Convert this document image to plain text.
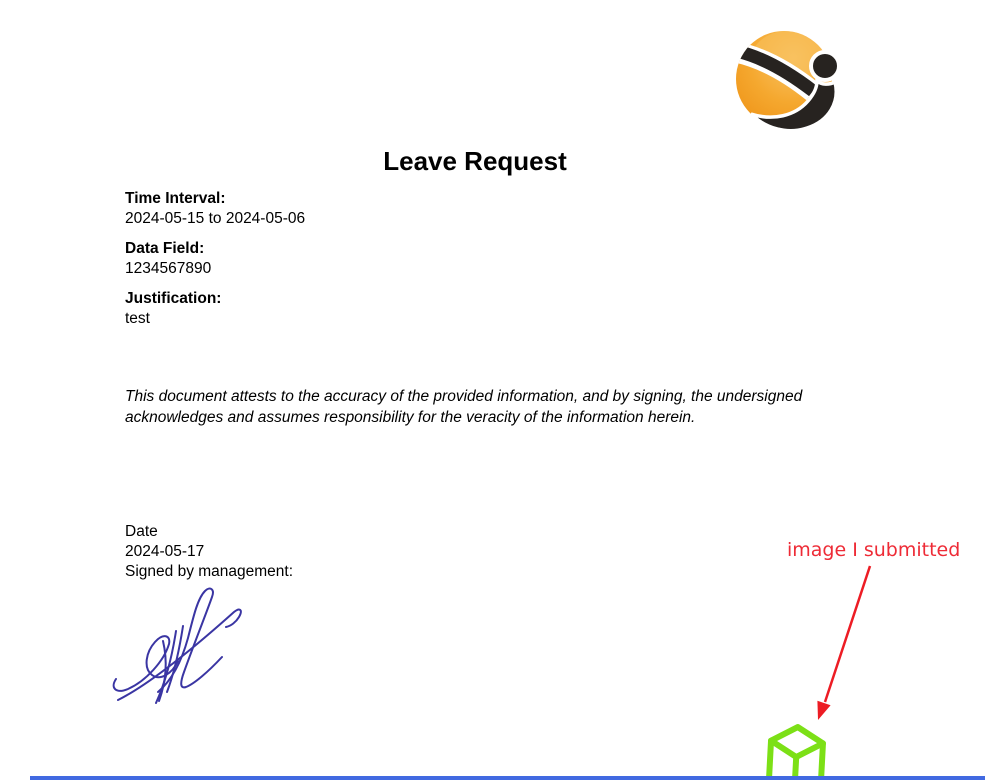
Leave Request
Time Interval:
2024-05-15 to 2024-05-06
Data Field:
1234567890
Justification:
test
This document attests to the accuracy of the provided information, and by signing, the undersigned acknowledges and assumes responsibility for the veracity of the information herein.
Date
2024-05-17
Signed by management:
image I submitted
